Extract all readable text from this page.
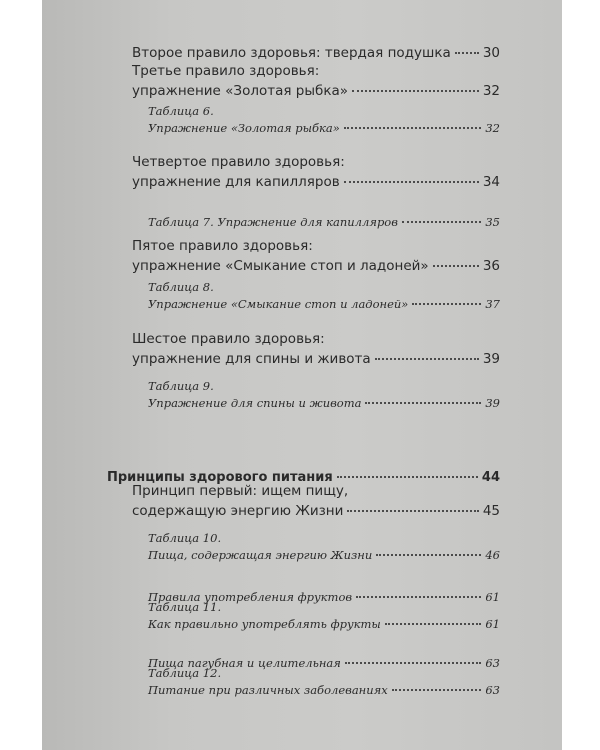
Второе правило здоровья: твердая подушка 30
Третье правило здоровья:
упражнение «Золотая рыбка»	32
Таблица 6.
Упражнение «Золотая рыбка»	32
Четвертое правило здоровья:
упражнение для капилляров	34
Таблица 7. Упражнение для капилляров	35
Пятое правило здоровья:
упражнение «Смыкание стоп и ладоней»	36
Таблица 8.
Упражнение «Смыкание стоп и ладоней»	37
Шестое правило здоровья:
упражнение для спины и живота	39
Таблица 9.
Упражнение для спины и живота	39
Принципы здорового питания	44
Принцип первый: ищем пищу,
содержащую энергию Жизни	45
Таблица 10.
Пища, содержащая энергию Жизни	46
Правила употребления фруктов	61
Таблица 11.
Как правильно употреблять фрукты	61
Пища пагубная и целительная	63
Таблица 12.
Питание при различных заболеваниях	63
